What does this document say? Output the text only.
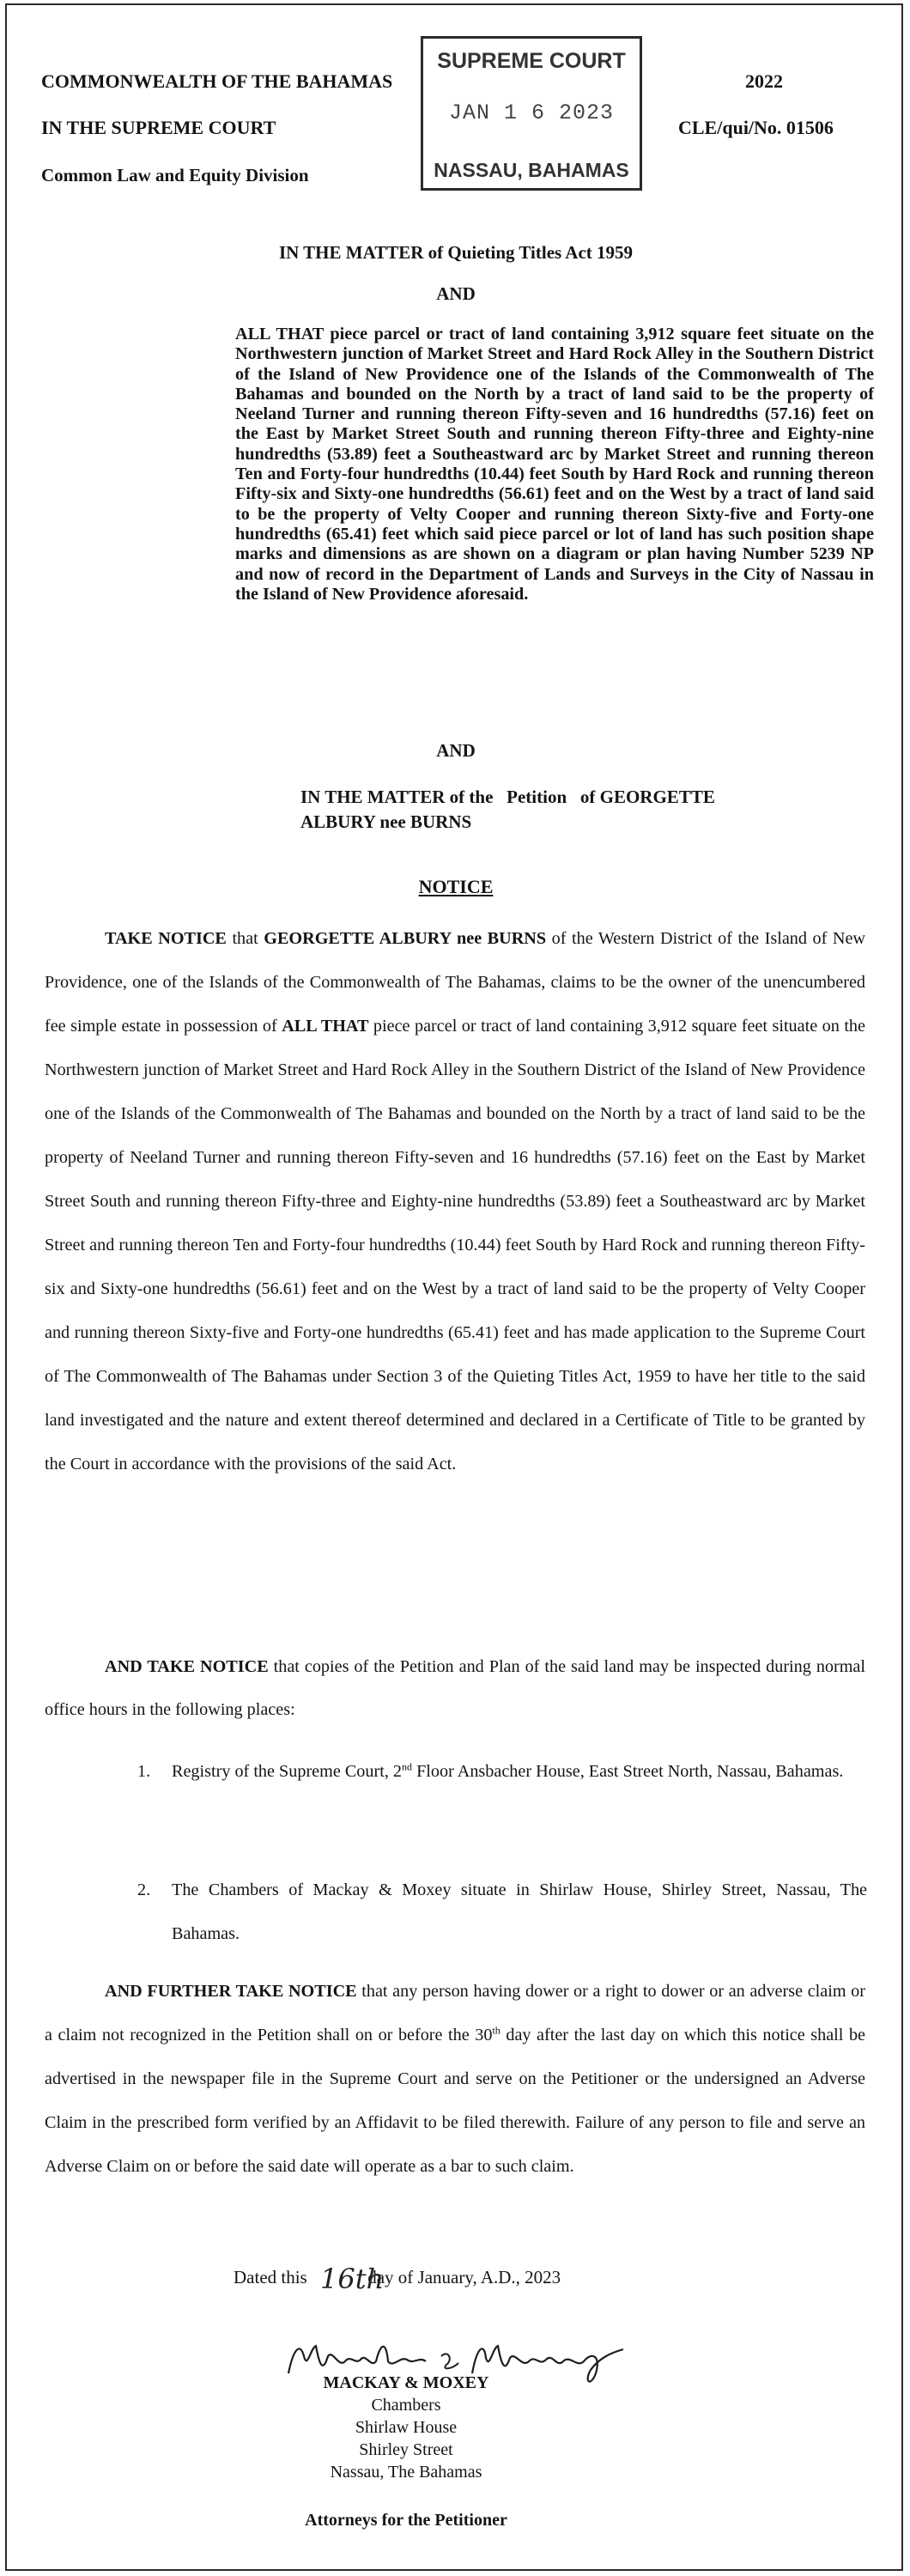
COMMONWEALTH OF THE BAHAMAS
IN THE SUPREME COURT
Common Law and Equity Division
2022
CLE/qui/No. 01506
SUPREME COURT
JAN 1 6 2023
NASSAU, BAHAMAS
IN THE MATTER of Quieting Titles Act 1959
AND

ALL THAT piece parcel or tract of land containing 3,912 square feet situate on the Northwestern junction of Market Street and Hard Rock Alley in the Southern District of the Island of New Providence one of the Islands of the Commonwealth of The Bahamas and bounded on the North by a tract of land said to be the property of Neeland Turner and running thereon Fifty-seven and 16 hundredths (57.16) feet on the East by Market Street South and running thereon Fifty-three and Eighty-nine hundredths (53.89) feet a Southeastward arc by Market Street and running thereon Ten and Forty-four hundredths (10.44) feet South by Hard Rock and running thereon Fifty-six and Sixty-one hundredths (56.61) feet and on the West by a tract of land said to be the property of Velty Cooper and running thereon Sixty-five and Forty-one hundredths (65.41) feet which said piece parcel or lot of land has such position shape marks and dimensions as are shown on a diagram or plan having Number 5239 NP and now of record in the Department of Lands and Surveys in the City of Nassau in the Island of New Providence aforesaid.

AND
IN THE MATTER of the   Petition   of GEORGETTE
ALBURY nee BURNS
NOTICE

TAKE NOTICE that GEORGETTE ALBURY nee BURNS of the Western District of the Island of New Providence, one of the Islands of the Commonwealth of The Bahamas, claims to be the owner of the unencumbered fee simple estate in possession of ALL THAT piece parcel or tract of land containing 3,912 square feet situate on the Northwestern junction of Market Street and Hard Rock Alley in the Southern District of the Island of New Providence one of the Islands of the Commonwealth of The Bahamas and bounded on the North by a tract of land said to be the property of Neeland Turner and running thereon Fifty-seven and 16 hundredths (57.16) feet on the East by Market Street South and running thereon Fifty-three and Eighty-nine hundredths (53.89) feet a Southeastward arc by Market Street and running thereon Ten and Forty-four hundredths (10.44) feet South by Hard Rock and running thereon Fifty-six and Sixty-one hundredths (56.61) feet and on the West by a tract of land said to be the property of Velty Cooper and running thereon Sixty-five and Forty-one hundredths (65.41) feet and has made application to the Supreme Court of The Commonwealth of The Bahamas under Section 3 of the Quieting Titles Act, 1959 to have her title to the said land investigated and the nature and extent thereof determined and declared in a Certificate of Title to be granted by the Court in accordance with the provisions of the said Act.

AND TAKE NOTICE that copies of the Petition and Plan of the said land may be inspected during normal office hours in the following places:

1. Registry of the Supreme Court, 2nd Floor Ansbacher House, East Street North, Nassau, Bahamas.
2. The Chambers of Mackay & Moxey situate in Shirlaw House, Shirley Street, Nassau, The Bahamas.

AND FURTHER TAKE NOTICE that any person having dower or a right to dower or an adverse claim or a claim not recognized in the Petition shall on or before the 30th day after the last day on which this notice shall be advertised in the newspaper file in the Supreme Court and serve on the Petitioner or the undersigned an Adverse Claim in the prescribed form verified by an Affidavit to be filed therewith. Failure of any person to file and serve an Adverse Claim on or before the said date will operate as a bar to such claim.

Dated this 16th
day of January, A.D., 2023
MACKAY & MOXEY
Chambers
Shirlaw House
Shirley Street
Nassau, The Bahamas
Attorneys for the Petitioner
